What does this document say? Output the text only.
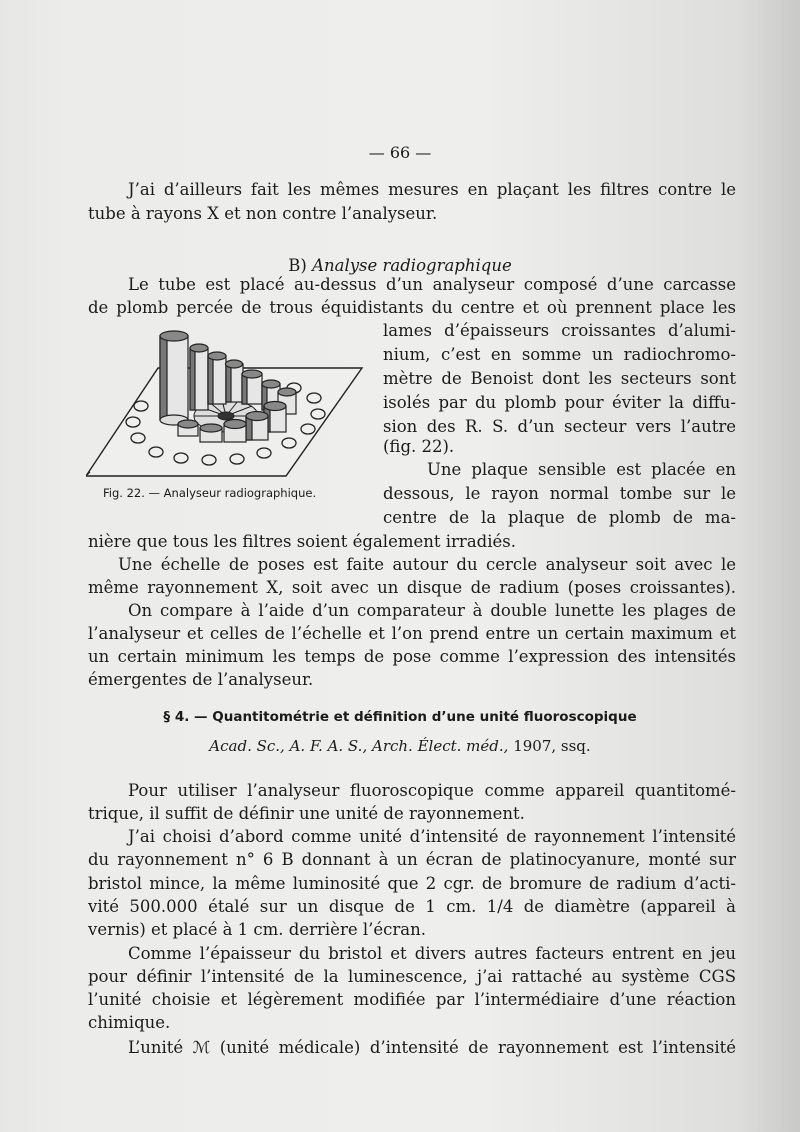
— 66 —
J’ai d’ailleurs fait les mêmes mesures en plaçant les filtres contre le
tube à rayons X et non contre l’analyseur.
B) Analyse radiographique
Le tube est placé au-dessus d’un analyseur composé d’une carcasse
de plomb percée de trous équidistants du centre et où prennent place les
lames d’épaisseurs croissantes d’alumi-
nium, c’est en somme un radiochromo-
mètre de Benoist dont les secteurs sont
isolés par du plomb pour éviter la diffu-
sion des R. S. d’un secteur vers l’autre
(fig. 22).
Une plaque sensible est placée en
dessous, le rayon normal tombe sur le
centre de la plaque de plomb de ma-
Fig. 22. — Analyseur radiographique.
nière que tous les filtres soient également irradiés.
Une échelle de poses est faite autour du cercle analyseur soit avec le
même rayonnement X, soit avec un disque de radium (poses croissantes).
On compare à l’aide d’un comparateur à double lunette les plages de
l’analyseur et celles de l’échelle et l’on prend entre un certain maximum et
un certain minimum les temps de pose comme l’expression des intensités
émergentes de l’analyseur.
§ 4. — Quantitométrie et définition d’une unité fluoroscopique
Acad. Sc., A. F. A. S., Arch. Élect. méd., 1907, ssq.
Pour utiliser l’analyseur fluoroscopique comme appareil quantitomé-
trique, il suffit de définir une unité de rayonnement.
J’ai choisi d’abord comme unité d’intensité de rayonnement l’intensité
du rayonnement n° 6 B donnant à un écran de platinocyanure, monté sur
bristol mince, la même luminosité que 2 cgr. de bromure de radium d’acti-
vité 500.000 étalé sur un disque de 1 cm. 1/4 de diamètre (appareil à
vernis) et placé à 1 cm. derrière l’écran.
Comme l’épaisseur du bristol et divers autres facteurs entrent en jeu
pour définir l’intensité de la luminescence, j’ai rattaché au système CGS
l’unité choisie et légèrement modifiée par l’intermédiaire d’une réaction
chimique.
L’unité ℳ (unité médicale) d’intensité de rayonnement est l’intensité
